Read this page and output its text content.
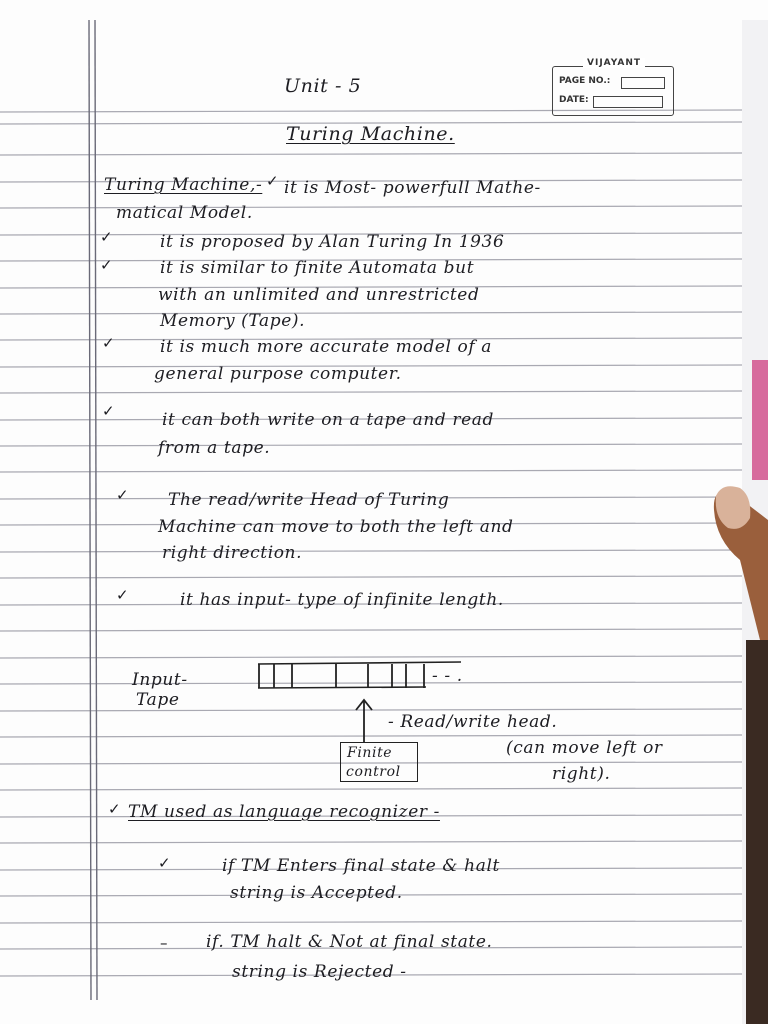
VIJAYANT
PAGE NO.:
DATE:
Unit - 5
Turing Machine.
Turing Machine,- ✓ it is Most- powerfull Mathe-
matical Model.
✓	it is proposed by Alan Turing In 1936
✓	it is similar to finite Automata but
with an unlimited and unrestricted
Memory (Tape).
✓	it is much more accurate model of a
general purpose computer.
✓	it can both write on a tape and read
from a tape.
✓ The read/write Head of Turing
Machine can move to both the left and
right direction.
✓	it has input- type of infinite length.
Input-
Tape
- - .
- Read/write head.
(can move left or
right).
Finite
control
✓ TM used as language recognizer -
✓	if TM Enters final state & halt
string is Accepted.
– if. TM halt & Not at final state.
string is Rejected -
